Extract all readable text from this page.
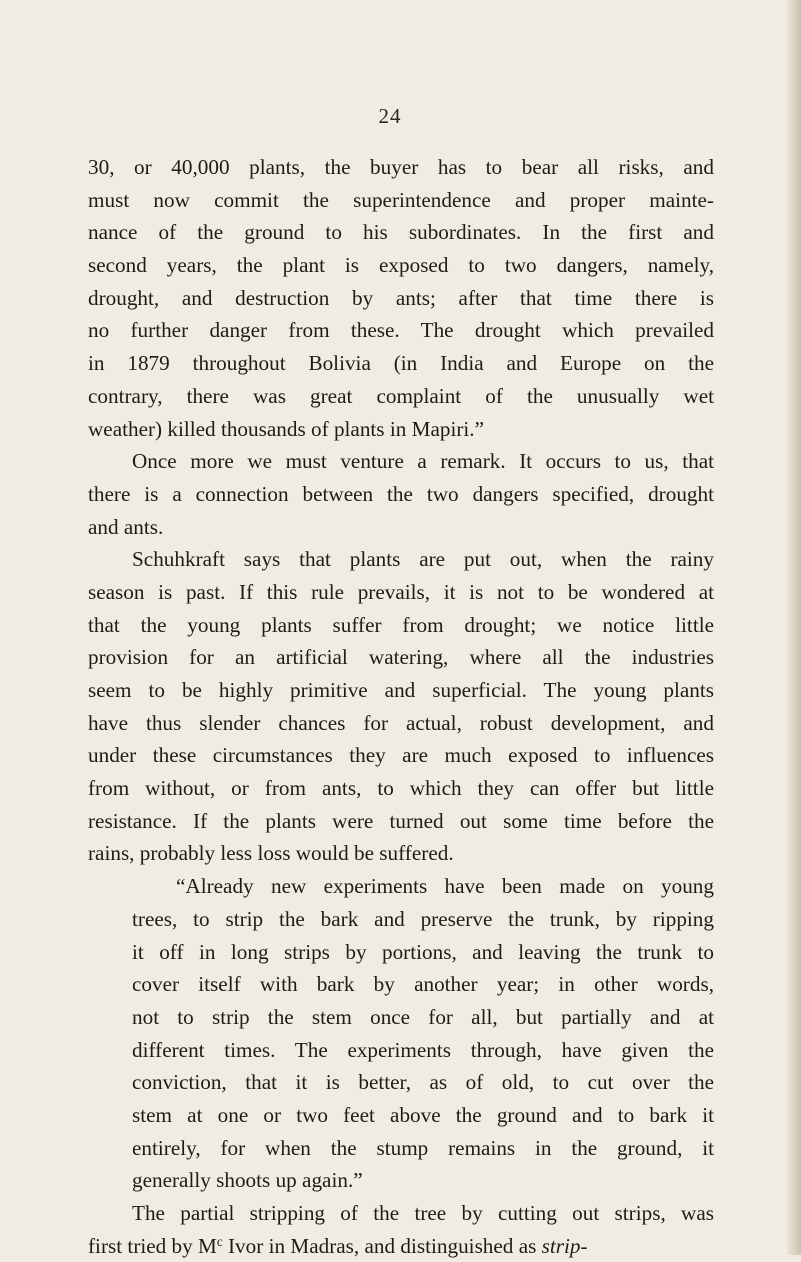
24
30, or 40,000 plants, the buyer has to bear all risks, and
must now commit the superintendence and proper mainte-
nance of the ground to his subordinates. In the first and
second years, the plant is exposed to two dangers, namely,
drought, and destruction by ants; after that time there is
no further danger from these. The drought which prevailed
in 1879 throughout Bolivia (in India and Europe on the
contrary, there was great complaint of the unusually wet
weather) killed thousands of plants in Mapiri.”
Once more we must venture a remark. It occurs to us, that
there is a connection between the two dangers specified, drought
and ants.
Schuhkraft says that plants are put out, when the rainy
season is past. If this rule prevails, it is not to be wondered at
that the young plants suffer from drought; we notice little
provision for an artificial watering, where all the industries
seem to be highly primitive and superficial. The young plants
have thus slender chances for actual, robust development, and
under these circumstances they are much exposed to influences
from without, or from ants, to which they can offer but little
resistance. If the plants were turned out some time before the
rains, probably less loss would be suffered.
“Already new experiments have been made on young
trees, to strip the bark and preserve the trunk, by ripping
it off in long strips by portions, and leaving the trunk to
cover itself with bark by another year; in other words,
not to strip the stem once for all, but partially and at
different times. The experiments through, have given the
conviction, that it is better, as of old, to cut over the
stem at one or two feet above the ground and to bark it
entirely, for when the stump remains in the ground, it
generally shoots up again.”
The partial stripping of the tree by cutting out strips, was
first tried by $M^c$ Ivor in Madras, and distinguished as strip-
